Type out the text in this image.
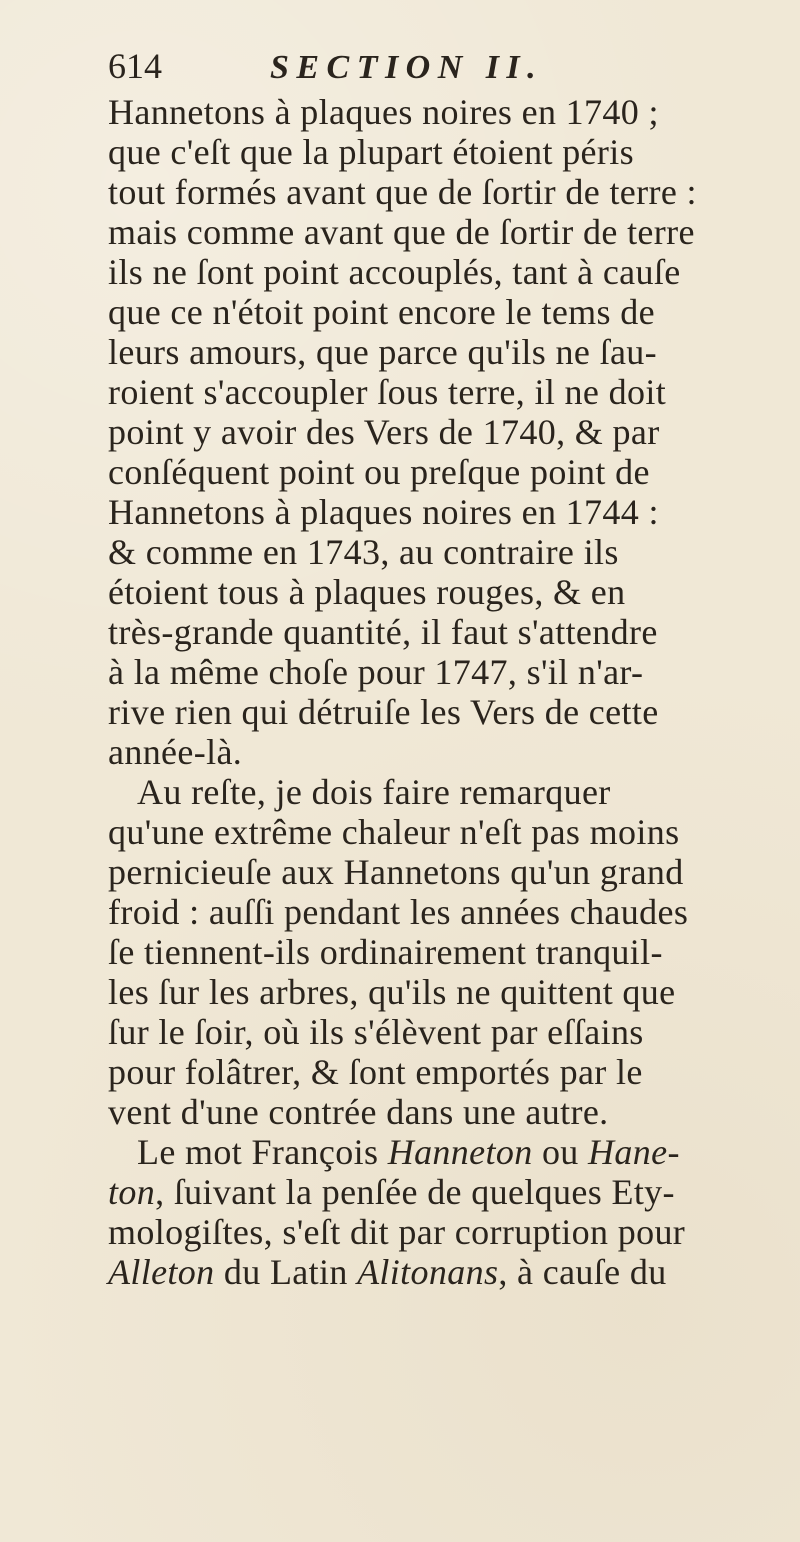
614	SECTION II.
Hannetons à plaques noires en 1740 ;
que c'eſt que la plupart étoient péris
tout formés avant que de ſortir de terre :
mais comme avant que de ſortir de terre
ils ne ſont point accouplés, tant à cauſe
que ce n'étoit point encore le tems de
leurs amours, que parce qu'ils ne ſau-
roient s'accoupler ſous terre, il ne doit
point y avoir des Vers de 1740, & par
conſéquent point ou preſque point de
Hannetons à plaques noires en 1744 :
& comme en 1743, au contraire ils
étoient tous à plaques rouges, & en
très-grande quantité, il faut s'attendre
à la même choſe pour 1747, s'il n'ar-
rive rien qui détruiſe les Vers de cette
année-là.
Au reſte, je dois faire remarquer
qu'une extrême chaleur n'eſt pas moins
pernicieuſe aux Hannetons qu'un grand
froid : auſſi pendant les années chaudes
ſe tiennent-ils ordinairement tranquil-
les ſur les arbres, qu'ils ne quittent que
ſur le ſoir, où ils s'élèvent par eſſains
pour folâtrer, & ſont emportés par le
vent d'une contrée dans une autre.
Le mot François Hanneton ou Hane-
ton, ſuivant la penſée de quelques Ety-
mologiſtes, s'eſt dit par corruption pour
Alleton du Latin Alitonans, à cauſe du
